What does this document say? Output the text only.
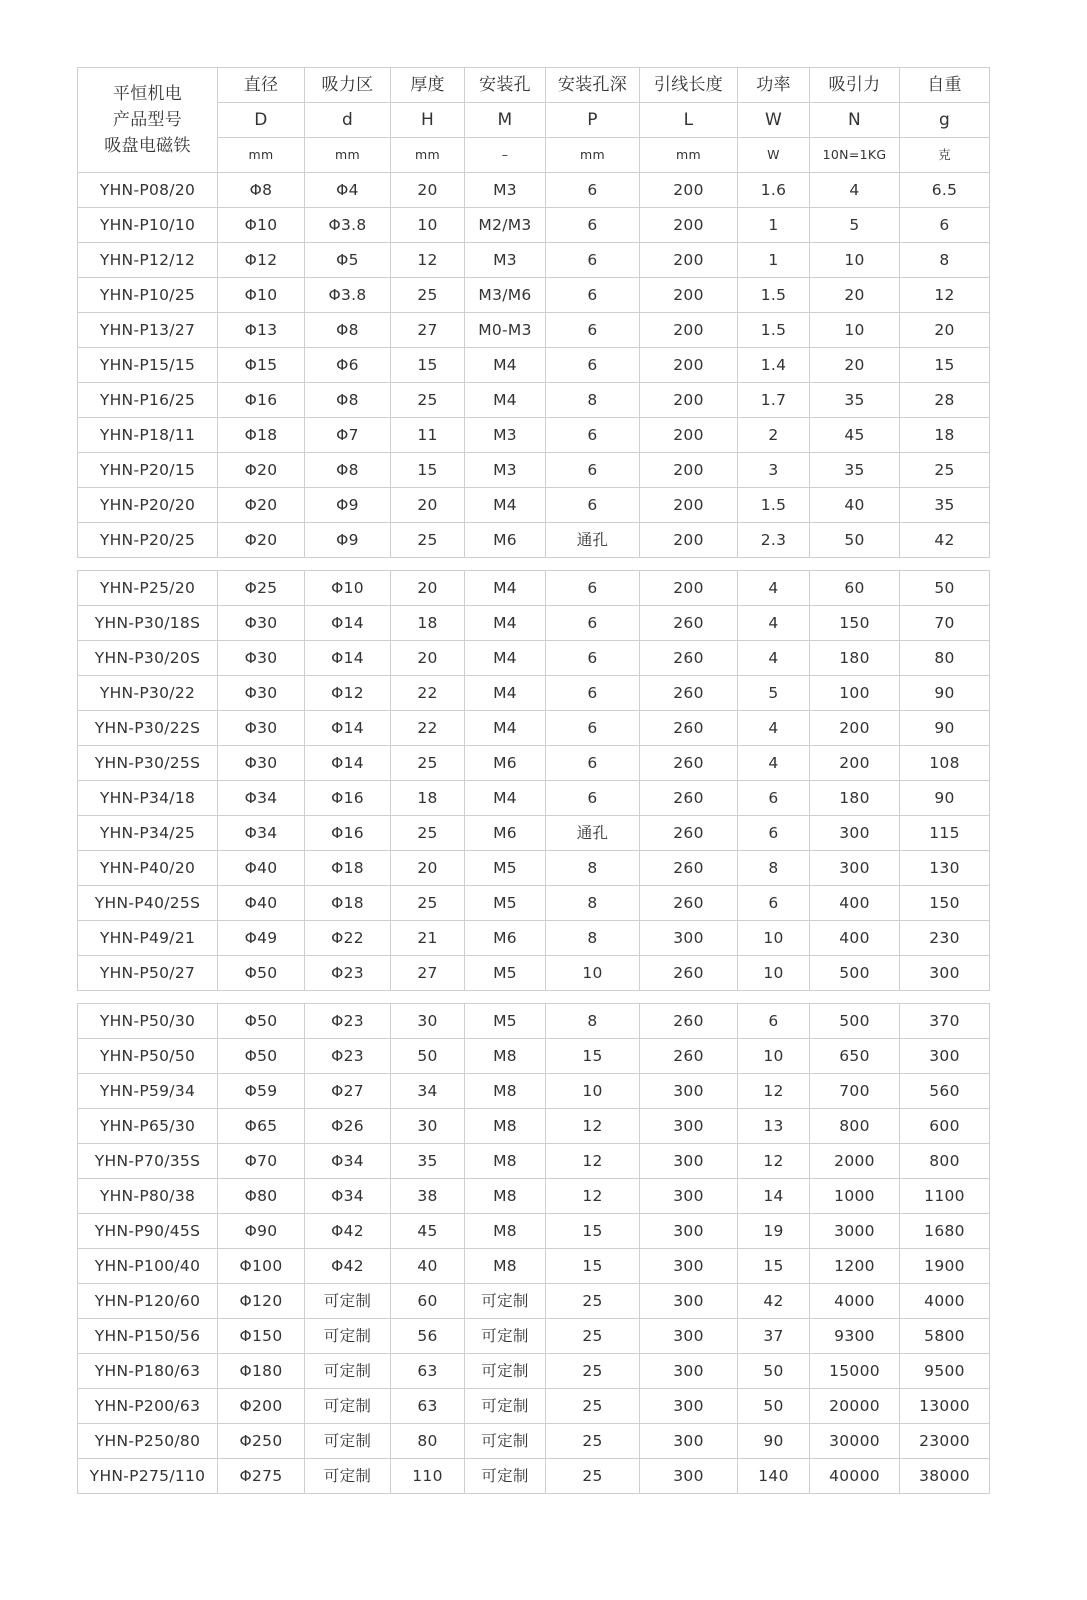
平恒机电
产品型号
吸盘电磁铁	直径	吸力区	厚度	安装孔	安装孔深	引线长度	功率	吸引力	自重
	D	d	H	M	P	L	W	N	g
	mm	mm	mm	–	mm	mm	W	10N=1KG	克
YHN-P08/20	Φ8	Φ4	20	M3	6	200	1.6	4	6.5
YHN-P10/10	Φ10	Φ3.8	10	M2/M3	6	200	1	5	6
YHN-P12/12	Φ12	Φ5	12	M3	6	200	1	10	8
YHN-P10/25	Φ10	Φ3.8	25	M3/M6	6	200	1.5	20	12
YHN-P13/27	Φ13	Φ8	27	M0-M3	6	200	1.5	10	20
YHN-P15/15	Φ15	Φ6	15	M4	6	200	1.4	20	15
YHN-P16/25	Φ16	Φ8	25	M4	8	200	1.7	35	28
YHN-P18/11	Φ18	Φ7	11	M3	6	200	2	45	18
YHN-P20/15	Φ20	Φ8	15	M3	6	200	3	35	25
YHN-P20/20	Φ20	Φ9	20	M4	6	200	1.5	40	35
YHN-P20/25	Φ20	Φ9	25	M6	通孔	200	2.3	50	42
YHN-P25/20	Φ25	Φ10	20	M4	6	200	4	60	50
YHN-P30/18S	Φ30	Φ14	18	M4	6	260	4	150	70
YHN-P30/20S	Φ30	Φ14	20	M4	6	260	4	180	80
YHN-P30/22	Φ30	Φ12	22	M4	6	260	5	100	90
YHN-P30/22S	Φ30	Φ14	22	M4	6	260	4	200	90
YHN-P30/25S	Φ30	Φ14	25	M6	6	260	4	200	108
YHN-P34/18	Φ34	Φ16	18	M4	6	260	6	180	90
YHN-P34/25	Φ34	Φ16	25	M6	通孔	260	6	300	115
YHN-P40/20	Φ40	Φ18	20	M5	8	260	8	300	130
YHN-P40/25S	Φ40	Φ18	25	M5	8	260	6	400	150
YHN-P49/21	Φ49	Φ22	21	M6	8	300	10	400	230
YHN-P50/27	Φ50	Φ23	27	M5	10	260	10	500	300
YHN-P50/30	Φ50	Φ23	30	M5	8	260	6	500	370
YHN-P50/50	Φ50	Φ23	50	M8	15	260	10	650	300
YHN-P59/34	Φ59	Φ27	34	M8	10	300	12	700	560
YHN-P65/30	Φ65	Φ26	30	M8	12	300	13	800	600
YHN-P70/35S	Φ70	Φ34	35	M8	12	300	12	2000	800
YHN-P80/38	Φ80	Φ34	38	M8	12	300	14	1000	1100
YHN-P90/45S	Φ90	Φ42	45	M8	15	300	19	3000	1680
YHN-P100/40	Φ100	Φ42	40	M8	15	300	15	1200	1900
YHN-P120/60	Φ120	可定制	60	可定制	25	300	42	4000	4000
YHN-P150/56	Φ150	可定制	56	可定制	25	300	37	9300	5800
YHN-P180/63	Φ180	可定制	63	可定制	25	300	50	15000	9500
YHN-P200/63	Φ200	可定制	63	可定制	25	300	50	20000	13000
YHN-P250/80	Φ250	可定制	80	可定制	25	300	90	30000	23000
YHN-P275/110	Φ275	可定制	110	可定制	25	300	140	40000	38000
